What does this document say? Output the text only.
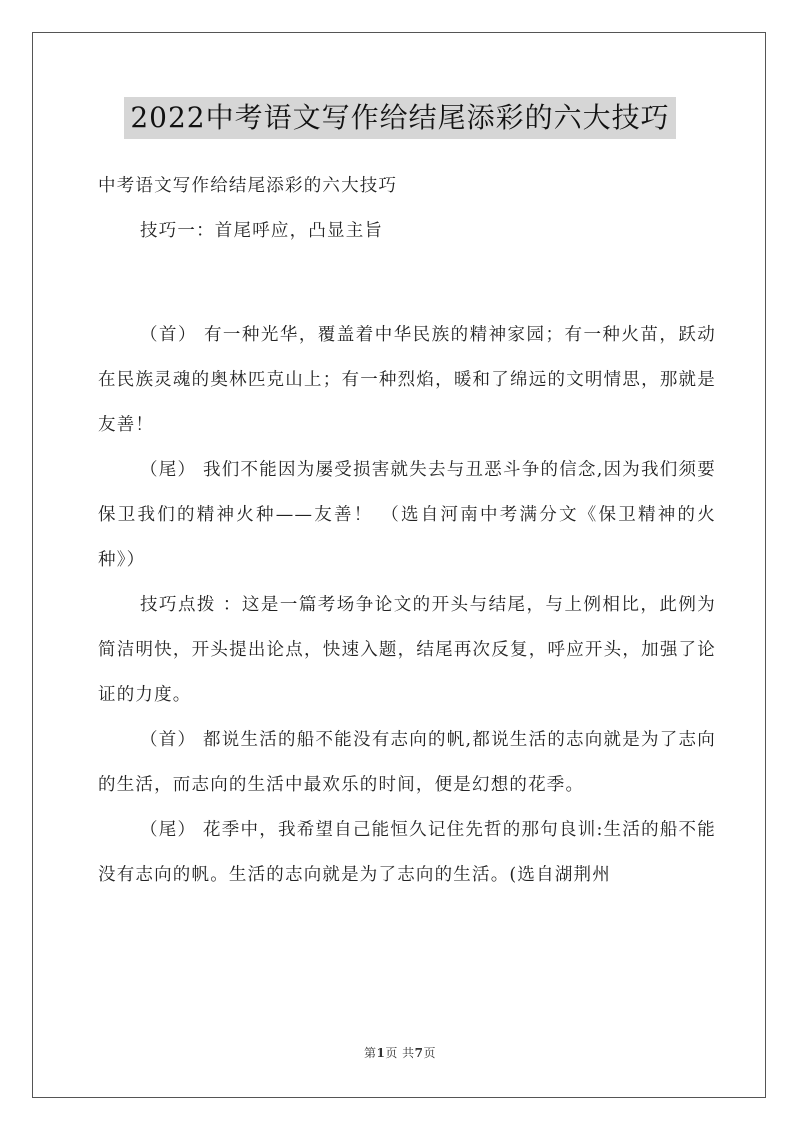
2022中考语文写作给结尾添彩的六大技巧

中考语文写作给结尾添彩的六大技巧

技巧一：首尾呼应，凸显主旨

（首） 有一种光华，覆盖着中华民族的精神家园；有一种火苗，跃动在民族灵魂的奥林匹克山上；有一种烈焰，暖和了绵远的文明情思，那就是友善！

（尾） 我们不能因为屡受损害就失去与丑恶斗争的信念,因为我们须要保卫我们的精神火种——友善！ （选自河南中考满分文《保卫精神的火种》）

技巧点拨 ：这是一篇考场争论文的开头与结尾，与上例相比，此例为简洁明快，开头提出论点，快速入题，结尾再次反复，呼应开头，加强了论证的力度。

（首） 都说生活的船不能没有志向的帆,都说生活的志向就是为了志向的生活，而志向的生活中最欢乐的时间，便是幻想的花季。

（尾） 花季中，我希望自己能恒久记住先哲的那句良训:生活的船不能没有志向的帆。生活的志向就是为了志向的生活。(选自湖荆州

第1页 共7页
